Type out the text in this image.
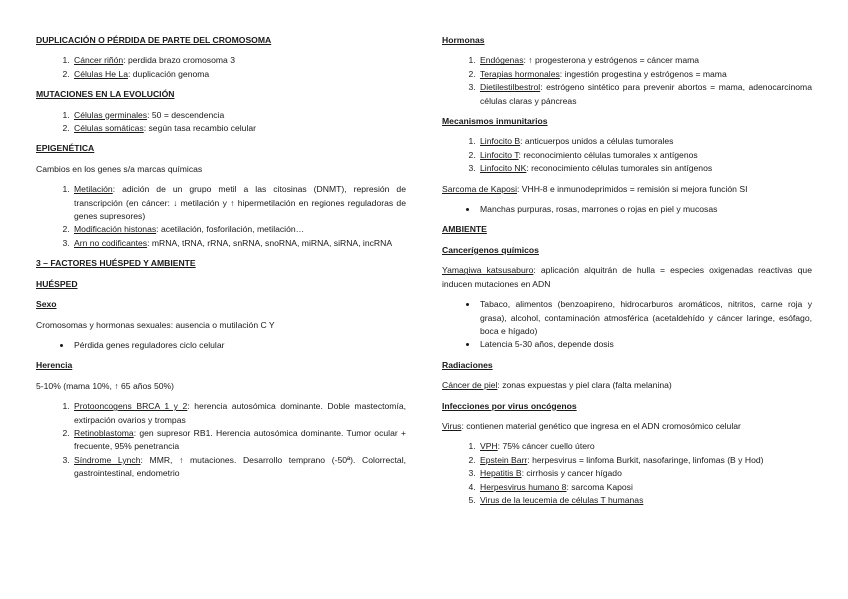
DUPLICACIÓN O PÉRDIDA DE PARTE DEL CROMOSOMA
1. Cáncer riñón: perdida brazo cromosoma 3
2. Células He La: duplicación genoma
MUTACIONES EN LA EVOLUCIÓN
1. Células germinales: 50 = descendencia
2. Células somáticas: según tasa recambio celular
EPIGENÉTICA
Cambios en los genes s/a marcas químicas
1. Metilación: adición de un grupo metil a las citosinas (DNMT), represión de transcripción (en cáncer: ↓ metilación y ↑ hipermetilación en regiones reguladoras de genes supresores)
2. Modificación histonas: acetilación, fosforilación, metilación…
3. Arn no codificantes: mRNA, tRNA, rRNA, snRNA, snoRNA, miRNA, siRNA, incRNA
3 – FACTORES HUÉSPED Y AMBIENTE
HUÉSPED
Sexo
Cromosomas y hormonas sexuales: ausencia o mutilación C Y
• Pérdida genes reguladores ciclo celular
Herencia
5-10% (mama 10%, ↑ 65 años 50%)
1. Protooncogens BRCA 1 y 2: herencia autosómica dominante. Doble mastectomía, extirpación ovarios y trompas
2. Retinoblastoma: gen supresor RB1. Herencia autosómica dominante. Tumor ocular + frecuente, 95% penetrancia
3. Síndrome Lynch: MMR, ↑ mutaciones. Desarrollo temprano (-50ª). Colorrectal, gastrointestinal, endometrio
Hormonas
1. Endógenas: ↑ progesterona y estrógenos = cáncer mama
2. Terapias hormonales: ingestión progestina y estrógenos = mama
3. Dietilestilbestrol: estrógeno sintético para prevenir abortos = mama, adenocarcinoma células claras y páncreas
Mecanismos inmunitarios
1. Linfocito B: anticuerpos unidos a células tumorales
2. Linfocito T: reconocimiento células tumorales x antígenos
3. Linfocito NK: reconocimiento células tumorales sin antígenos
Sarcoma de Kaposi: VHH-8 e inmunodeprimidos = remisión si mejora función SI
• Manchas purpuras, rosas, marrones o rojas en piel y mucosas
AMBIENTE
Cancerígenos químicos
Yamagiwa katsusaburo: aplicación alquitrán de hulla = especies oxigenadas reactivas que inducen mutaciones en ADN
• Tabaco, alimentos (benzoapireno, hidrocarburos aromáticos, nitritos, carne roja y grasa), alcohol, contaminación atmosférica (acetaldehído y cáncer laringe, esófago, boca e hígado)
• Latencia 5-30 años, depende dosis
Radiaciones
Cáncer de piel: zonas expuestas y piel clara (falta melanina)
Infecciones por virus oncógenos
Virus: contienen material genético que ingresa en el ADN cromosómico celular
1. VPH: 75% cáncer cuello útero
2. Epstein Barr: herpesvirus = linfoma Burkit, nasofaringe, linfomas (B y Hod)
3. Hepatitis B: cirrhosis y cancer hígado
4. Herpesvirus humano 8: sarcoma Kaposi
5. Virus de la leucemia de células T humanas
